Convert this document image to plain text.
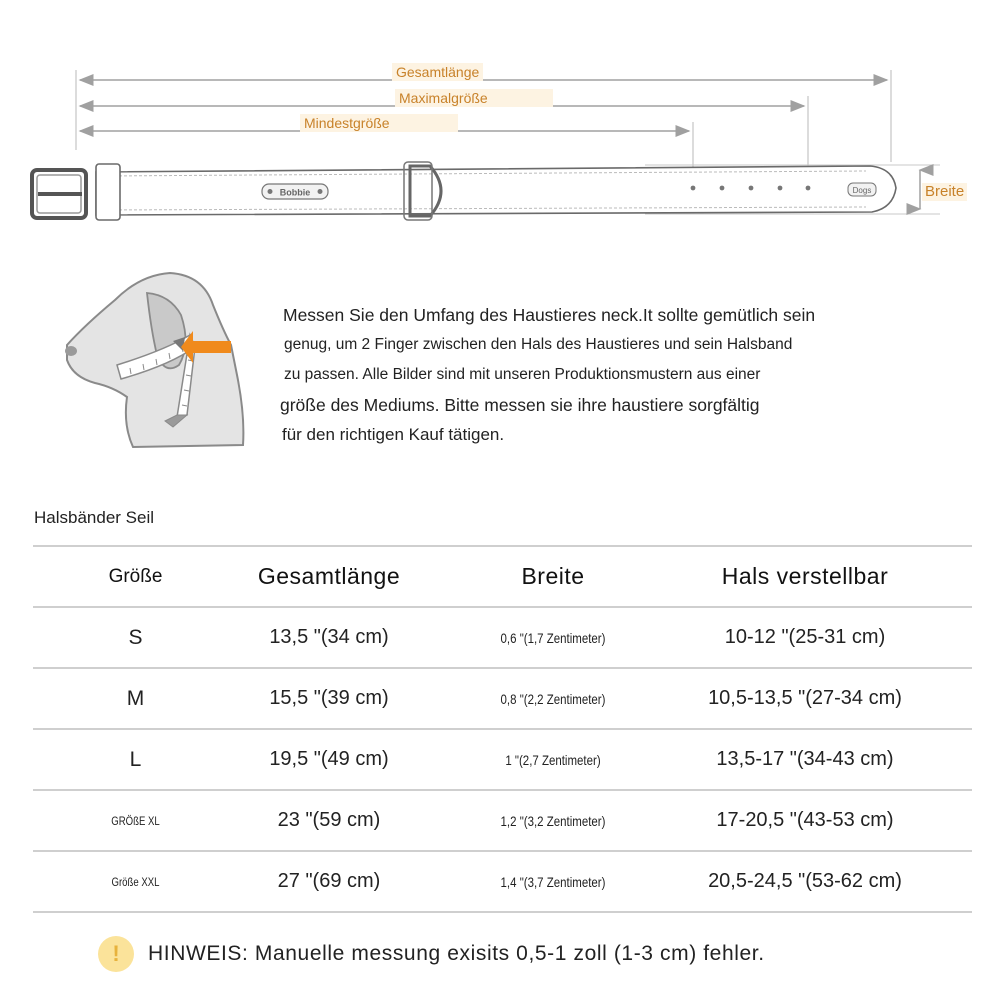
Bobbie	Dogs
Gesamtlänge
Maximalgröße
Mindestgröße
Breite
Messen Sie den Umfang des Haustieres neck.It sollte gemütlich sein
genug, um 2 Finger zwischen den Hals des Haustieres und sein Halsband
zu passen. Alle Bilder sind mit unseren Produktionsmustern aus einer
größe des Mediums. Bitte messen sie ihre haustiere sorgfältig
für den richtigen Kauf tätigen.
Halsbänder Seil
Größe	Gesamtlänge	Breite	Hals verstellbar
S	13,5 "(34 cm)	0,6 "(1,7 Zentimeter)	10-12 "(25-31 cm)
M	15,5 "(39 cm)	0,8 "(2,2 Zentimeter)	10,5-13,5 "(27-34 cm)
L	19,5 "(49 cm)	1 "(2,7 Zentimeter)	13,5-17 "(34-43 cm)
GRÖßE XL	23 "(59 cm)	1,2 "(3,2 Zentimeter)	17-20,5 "(43-53 cm)
Größe XXL	27 "(69 cm)	1,4 "(3,7 Zentimeter)	20,5-24,5 "(53-62 cm)
!	HINWEIS: Manuelle messung exisits 0,5-1 zoll (1-3 cm) fehler.
